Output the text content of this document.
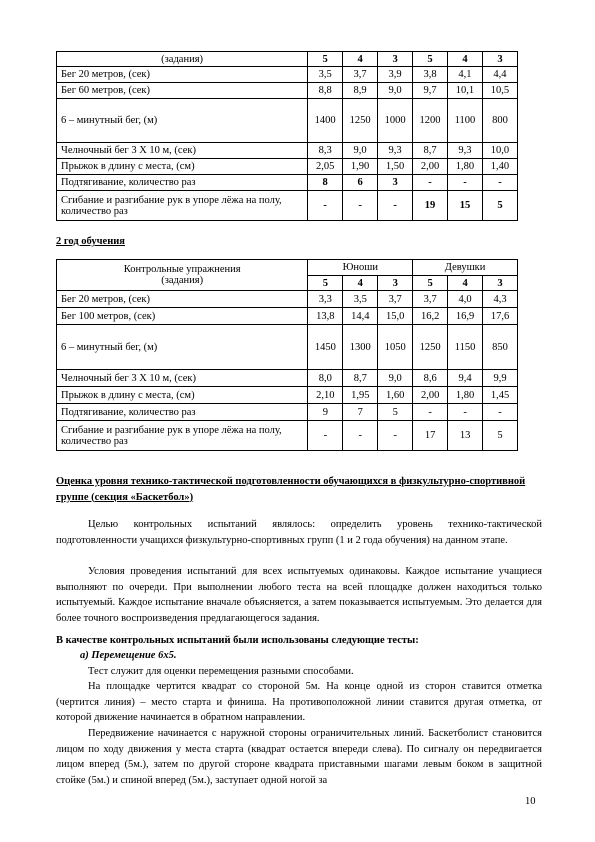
(задания)	5	4	3	5	4	3
Бег 20 метров, (сек)	3,5	3,7	3,9	3,8	4,1	4,4
Бег 60 метров, (сек)	8,8	8,9	9,0	9,7	10,1	10,5
6 – минутный бег, (м)	1400	1250	1000	1200	1100	800
Челночный бег 3 Х 10 м, (сек)	8,3	9,0	9,3	8,7	9,3	10,0
Прыжок в длину с места, (см)	2,05	1,90	1,50	2,00	1,80	1,40
Подтягивание, количество раз	8	6	3	-	-	-
Сгибание и разгибание рук в упоре лёжа на полу, количество раз	-	-	-	19	15	5
2 год обучения
Контрольные упражнения (задания)	Юноши			Девушки		
	5	4	3	5	4	3
Бег 20 метров, (сек)	3,3	3,5	3,7	3,7	4,0	4,3
Бег 100 метров, (сек)	13,8	14,4	15,0	16,2	16,9	17,6
6 – минутный бег, (м)	1450	1300	1050	1250	1150	850
Челночный бег 3 Х 10 м, (сек)	8,0	8,7	9,0	8,6	9,4	9,9
Прыжок в длину с места, (см)	2,10	1,95	1,60	2,00	1,80	1,45
Подтягивание, количество раз	9	7	5	-	-	-
Сгибание и разгибание рук в упоре лёжа на полу, количество раз	-	-	-	17	13	5
Оценка уровня технико-тактической подготовленности обучающихся в физкультурно-спортивной группе (секция «Баскетбол»)
Целью контрольных испытаний являлось: определить уровень технико-тактической подготовленности учащихся физкультурно-спортивных групп (1 и 2 года обучения) на данном этапе.
Условия проведения испытаний для всех испытуемых одинаковы. Каждое испытание учащиеся выполняют по очереди. При выполнении любого теста на всей площадке должен находиться только испытуемый. Каждое испытание вначале объясняется, а затем показывается испытуемым. Это делается для более точного воспроизведения предлагающегося задания.
В качестве контрольных испытаний были использованы следующие тесты:
а) Перемещение 6х5.
Тест служит для оценки перемещения разными способами.
На площадке чертится квадрат со стороной 5м. На конце одной из сторон ставится отметка (чертится линия) – место старта и финиша. На противоположной линии ставится другая отметка, от которой движение начинается в обратном направлении.
Передвижение начинается с наружной стороны ограничительных линий. Баскетболист становится лицом по ходу движения у места старта (квадрат остается впереди слева). По сигналу он передвигается лицом вперед (5м.), затем по другой стороне квадрата приставными шагами левым боком в защитной стойке (5м.) и спиной вперед (5м.), заступает одной ногой за
10
